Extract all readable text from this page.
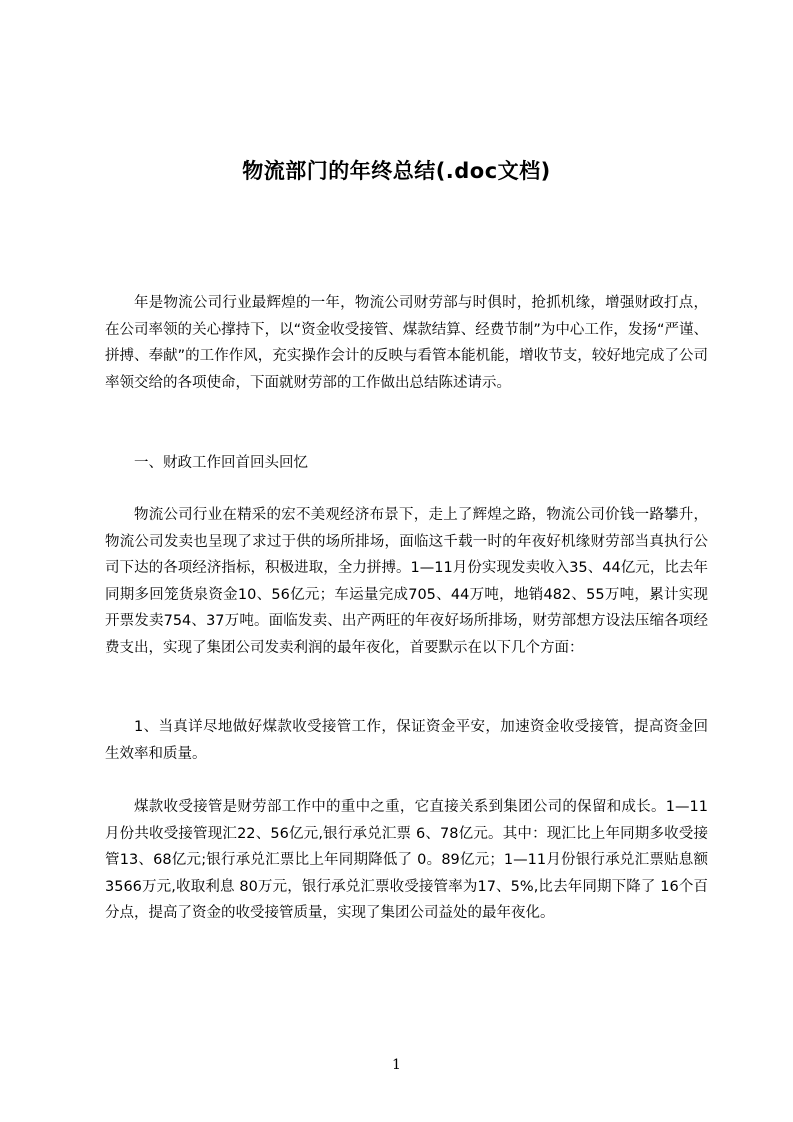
物流部门的年终总结(.doc文档)

年是物流公司行业最辉煌的一年，物流公司财劳部与时俱时，抢抓机缘，增强财政打点，在公司率领的关心撑持下，以“资金收受接管、煤款结算、经费节制”为中心工作，发扬“严谨、拼搏、奉献”的工作作风，充实操作会计的反映与看管本能机能，增收节支，较好地完成了公司率领交给的各项使命，下面就财劳部的工作做出总结陈述请示。

一、财政工作回首回头回忆

物流公司行业在精采的宏不美观经济布景下，走上了辉煌之路，物流公司价钱一路攀升，物流公司发卖也呈现了求过于供的场所排场，面临这千载一时的年夜好机缘财劳部当真执行公司下达的各项经济指标，积极进取，全力拼搏。1—11月份实现发卖收入35、44亿元，比去年同期多回笼货泉资金10、56亿元；车运量完成705、44万吨，地销482、55万吨，累计实现开票发卖754、37万吨。面临发卖、出产两旺的年夜好场所排场，财劳部想方设法压缩各项经费支出，实现了集团公司发卖利润的最年夜化，首要默示在以下几个方面：

1、当真详尽地做好煤款收受接管工作，保证资金平安，加速资金收受接管，提高资金回生效率和质量。

煤款收受接管是财劳部工作中的重中之重，它直接关系到集团公司的保留和成长。1—11月份共收受接管现汇22、56亿元,银行承兑汇票 6、78亿元。其中：现汇比上年同期多收受接管13、68亿元;银行承兑汇票比上年同期降低了 0。89亿元；1—11月份银行承兑汇票贴息额3566万元,收取利息 80万元，银行承兑汇票收受接管率为17、5%,比去年同期下降了 16个百分点，提高了资金的收受接管质量，实现了集团公司益处的最年夜化。

1
